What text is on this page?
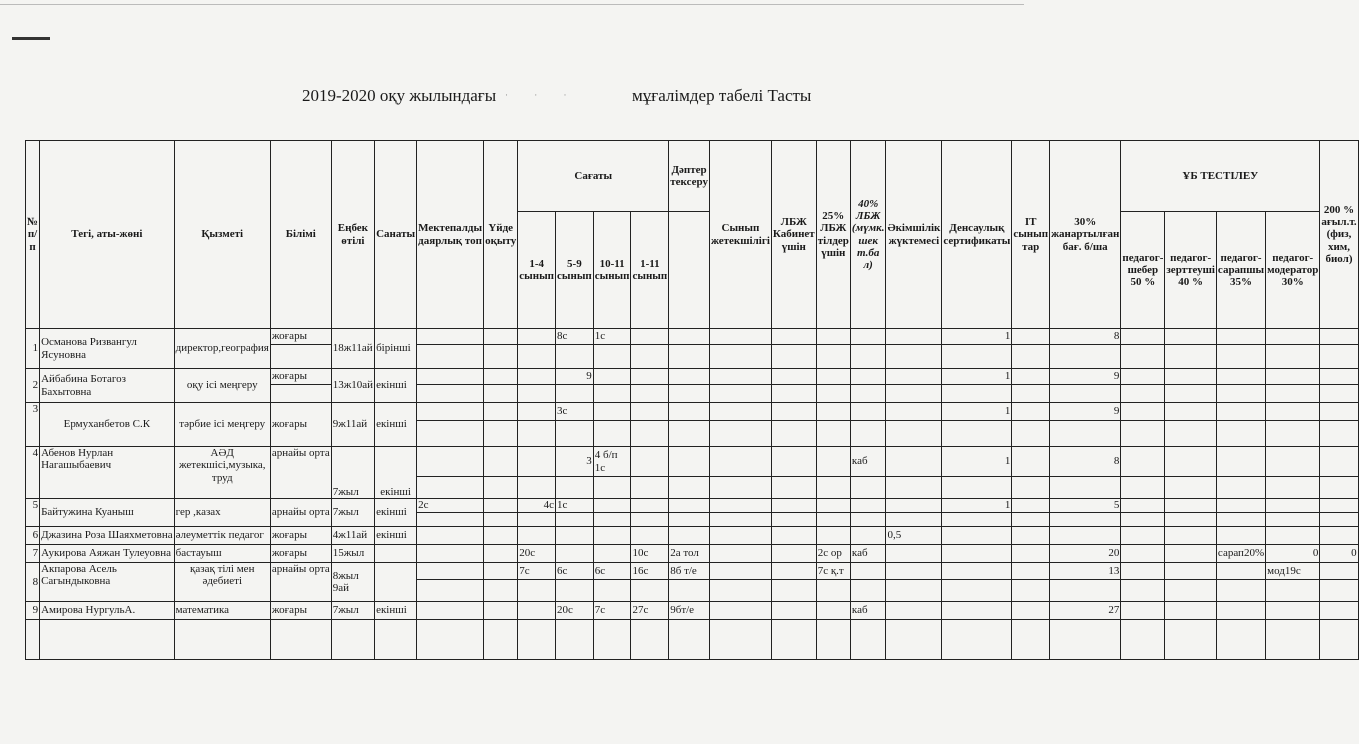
2019-2020 оқу жылындағы · · ·	мұғалімдер табелі Тасты
№ п/п	Тегі, аты-жөні	Қызметі	Білімі	Еңбек өтілі	Санаты	Мектепалды даярлық топ	Үйде оқыту	Сағаты				Дәптер тексеру	Сынып жетекшілігі	ЛБЖ Кабинет үшін	25% ЛБЖ тілдер үшін	40% ЛБЖ (мүмк. шек т.ба л)	Әкімшілік жүктемесі	Денсаулық сертификаты	IT сынып тар	30% жанартылған бағ. б/ша	ҰБ ТЕСТІЛЕУ				200 % ағыл.т.(физ, хим, биол)
								1-4 сынып	5-9 сынып	10-11 сынып	1-11 сынып										педагог-шебер 50 %	педагог-зерттеуші 40 %	педагог-сарапшы 35%	педагог-модератор 30%	

1	Османова Ризвангул Ясуновна	директор,география	жоғары	18ж11ай	бірінші				8с	1с								1		8					

2	Айбабина Ботагоз Бахытовна	оқу ісі меңгеру	жоғары	13ж10ай	екінші				9									1		9					

3	Ермуханбетов С.К	тәрбие ісі меңгеру	жоғары	9ж11ай	екінші				3с									1		9					

4	Абенов Нурлан Нагашыбаевич	АӘД жетекшісі,музыка, труд	арнайы орта	7жыл	екінші				3	4 б/п 1с						каб		1		8					

5	Байтужина Куаныш	гер ,казах	арнайы орта	7жыл	екінші	2с		4с	1с									1		5					

6	Джазина Роза Шаяхметовна	әлеуметтік педагог	жоғары	4ж11ай	екінші												0,5								
7	Аукирова Аяжан Тулеуовна	бастауыш	жоғары	15жыл				20с			10с	2а тол			2с ор	каб				20			сарап20%	0	0
8	Акпарова Асель Сагындыковна	қазақ тілі мен әдебиеті	арнайы орта	8жыл 9ай				7с	6с	6с	16с	8б т/е			7с қ.т					13				мод19с	

9	Амирова НургульА.	математика	жоғары	7жыл	екінші				20с	7с	27с	9бт/е				каб				27					
